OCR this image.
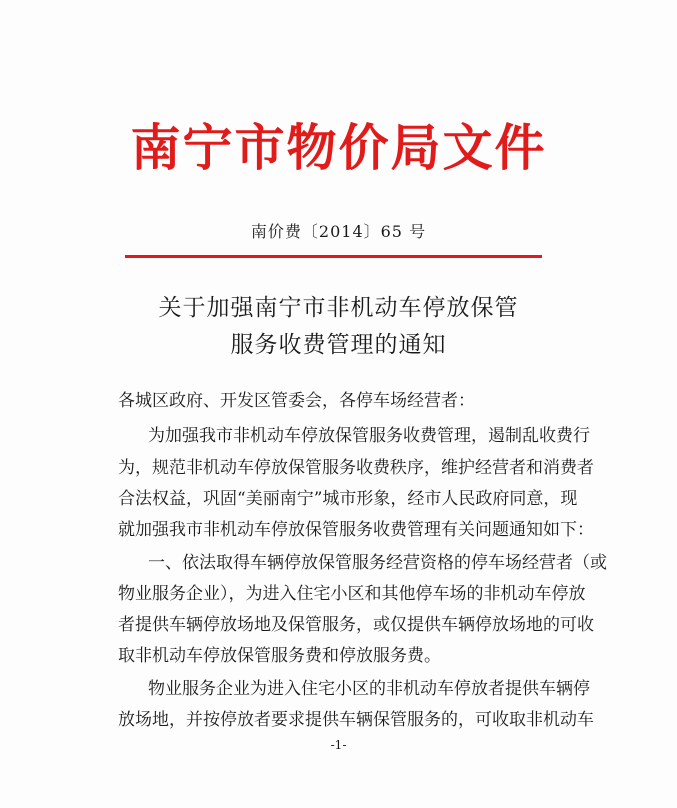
南宁市物价局文件
南价费〔2014〕65 号
关于加强南宁市非机动车停放保管
服务收费管理的通知
各城区政府、开发区管委会，各停车场经营者：
为加强我市非机动车停放保管服务收费管理，遏制乱收费行
为，规范非机动车停放保管服务收费秩序，维护经营者和消费者
合法权益，巩固“美丽南宁”城市形象，经市人民政府同意，现
就加强我市非机动车停放保管服务收费管理有关问题通知如下：
一、依法取得车辆停放保管服务经营资格的停车场经营者（或
物业服务企业），为进入住宅小区和其他停车场的非机动车停放
者提供车辆停放场地及保管服务，或仅提供车辆停放场地的可收
取非机动车停放保管服务费和停放服务费。
物业服务企业为进入住宅小区的非机动车停放者提供车辆停
放场地，并按停放者要求提供车辆保管服务的，可收取非机动车
-1-
